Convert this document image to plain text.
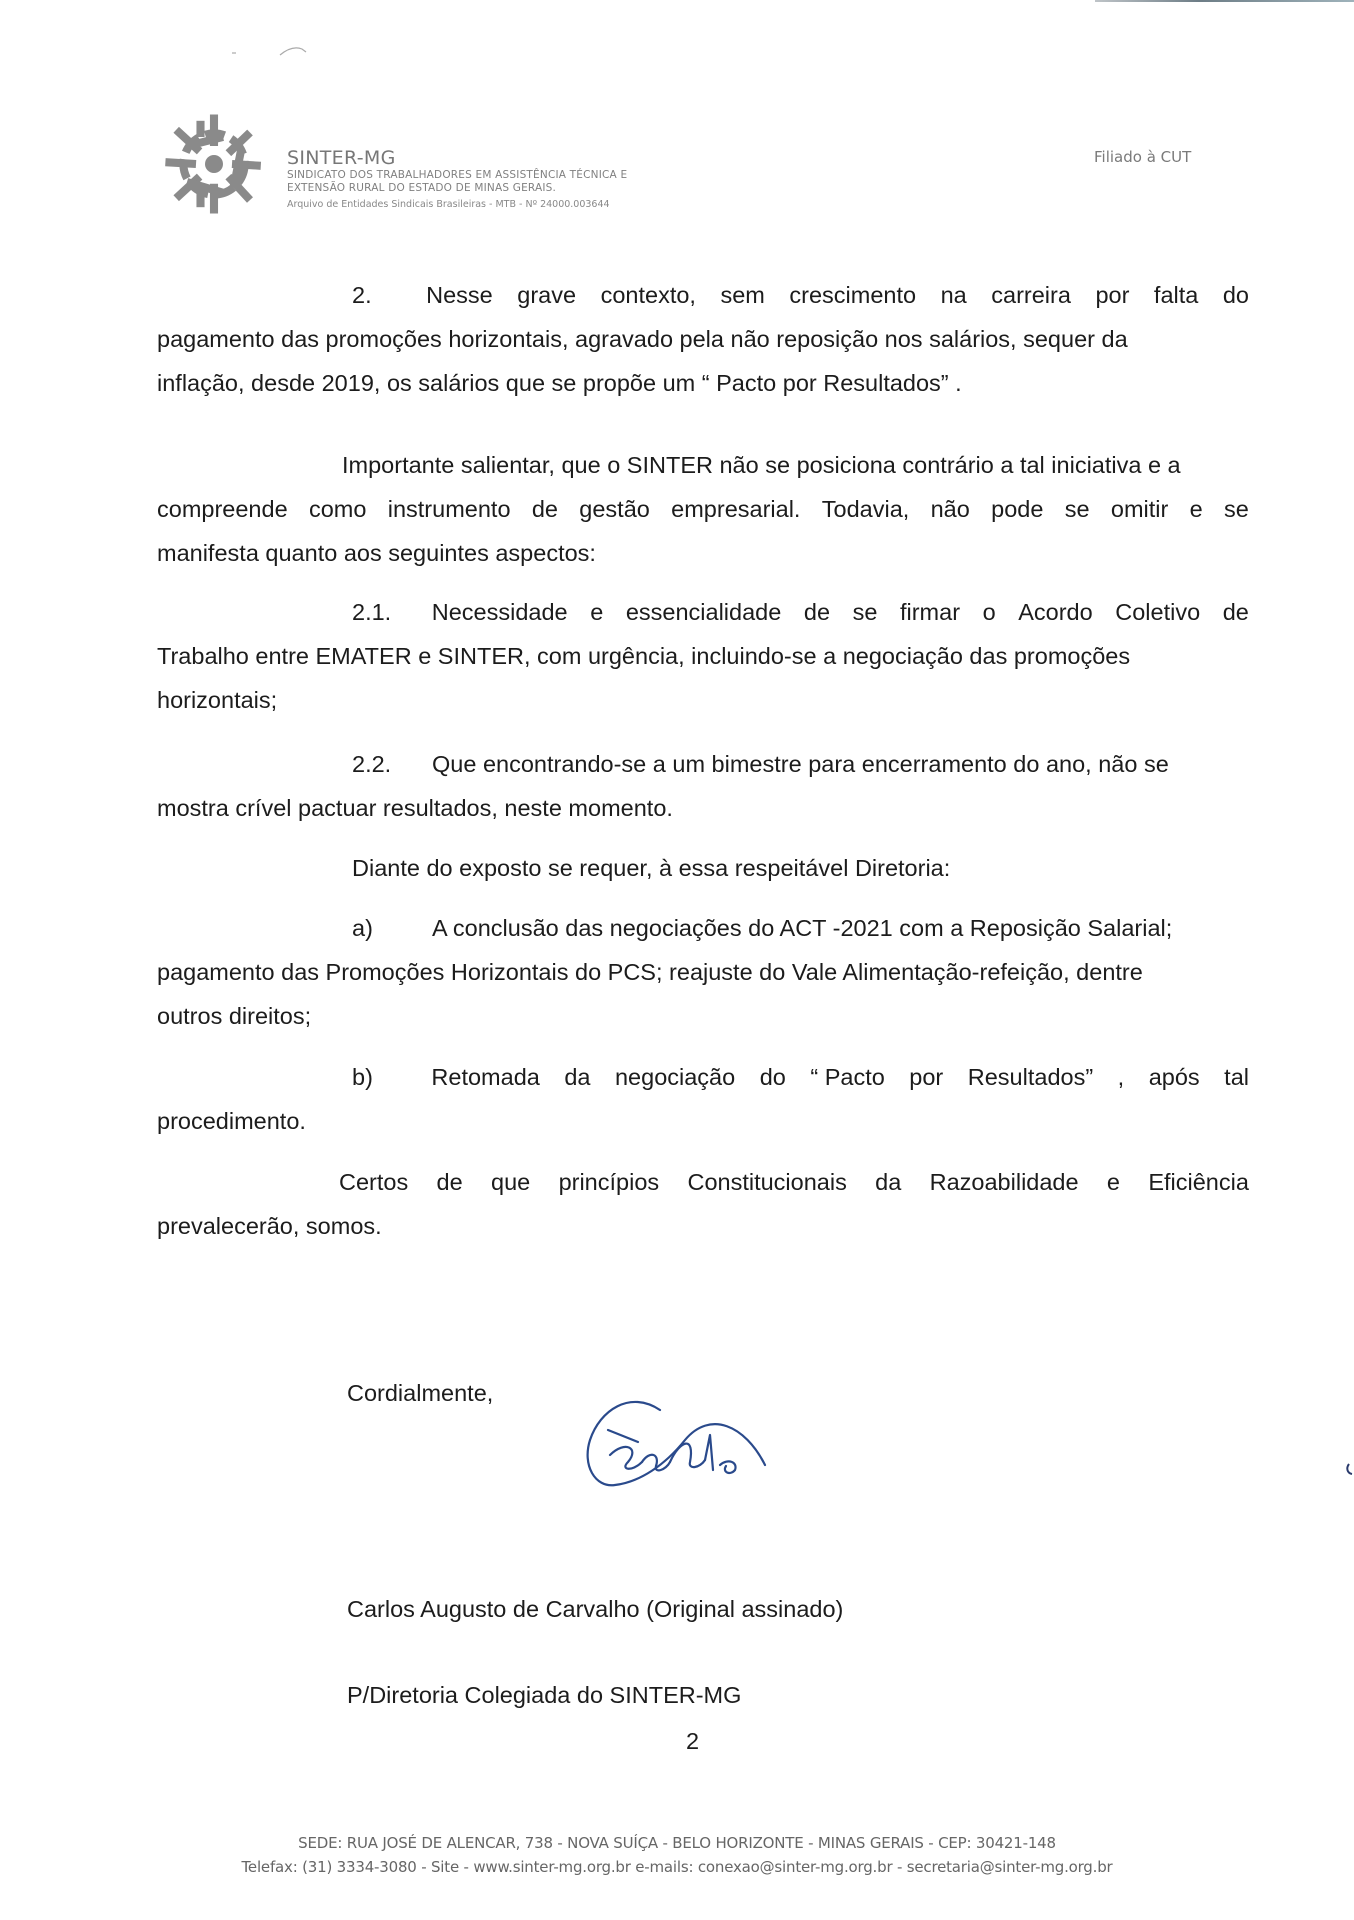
SINTER-MG
SINDICATO DOS TRABALHADORES EM ASSISTÊNCIA TÉCNICA E
EXTENSÃO RURAL DO ESTADO DE MINAS GERAIS.
Arquivo de Entidades Sindicais Brasileiras - MTB - Nº 24000.003644
Filiado à CUT
2. Nesse grave contexto, sem crescimento na carreira por falta do
pagamento das promoções horizontais, agravado pela não reposição nos salários, sequer da
inflação, desde 2019, os salários que se propõe um “ Pacto por Resultados” .
Importante salientar, que o SINTER não se posiciona contrário a tal iniciativa e a
compreende como instrumento de gestão empresarial. Todavia, não pode se omitir e se
manifesta quanto aos seguintes aspectos:
2.1. Necessidade e essencialidade de se firmar o Acordo Coletivo de
Trabalho entre EMATER e SINTER, com urgência, incluindo-se a negociação das promoções
horizontais;
2.2. Que encontrando-se a um bimestre para encerramento do ano, não se
mostra crível pactuar resultados, neste momento.
Diante do exposto se requer, à essa respeitável Diretoria:
a)	A conclusão das negociações do ACT -2021 com a Reposição Salarial;
pagamento das Promoções Horizontais do PCS; reajuste do Vale Alimentação-refeição, dentre
outros direitos;
b) Retomada da negociação do “ Pacto por Resultados” , após tal
procedimento.
Certos de que princípios Constitucionais da Razoabilidade e Eficiência
prevalecerão, somos.
Cordialmente,
Carlos Augusto de Carvalho (Original assinado)
P/Diretoria Colegiada do SINTER-MG
2
SEDE: RUA JOSÉ DE ALENCAR, 738 - NOVA SUÍÇA - BELO HORIZONTE - MINAS GERAIS - CEP: 30421-148
Telefax: (31) 3334-3080 - Site - www.sinter-mg.org.br e-mails: conexao@sinter-mg.org.br - secretaria@sinter-mg.org.br
